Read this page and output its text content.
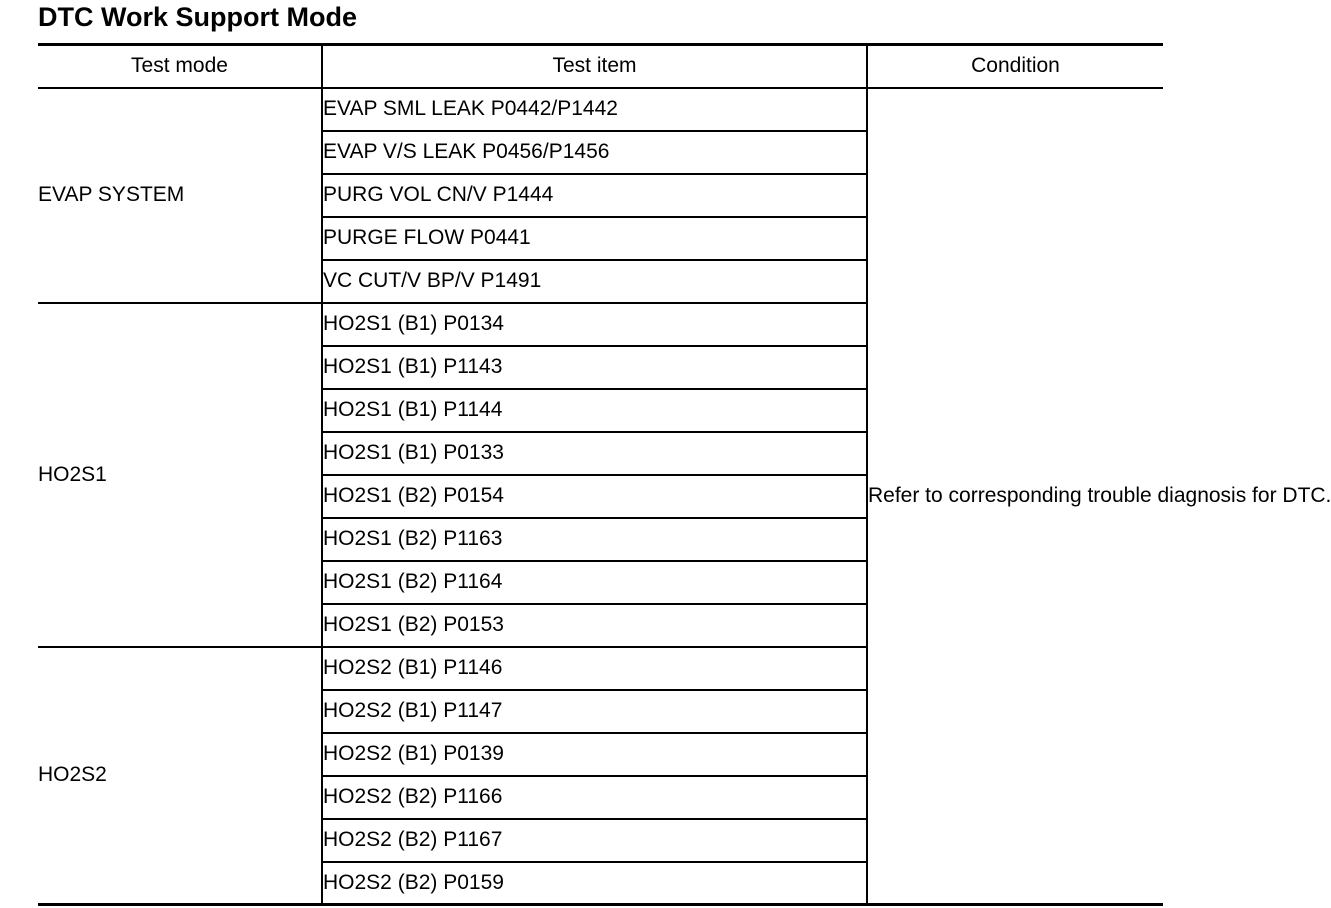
DTC Work Support Mode
Test mode	Test item	Condition
EVAP SYSTEM	EVAP SML LEAK P0442/P1442	Refer to corresponding trouble diagnosis for DTC.
	EVAP V/S LEAK P0456/P1456	
	PURG VOL CN/V P1444	
	PURGE FLOW P0441	
	VC CUT/V BP/V P1491	
HO2S1	HO2S1 (B1) P0134	
	HO2S1 (B1) P1143	
	HO2S1 (B1) P1144	
	HO2S1 (B1) P0133	
	HO2S1 (B2) P0154	
	HO2S1 (B2) P1163	
	HO2S1 (B2) P1164	
	HO2S1 (B2) P0153	
HO2S2	HO2S2 (B1) P1146	
	HO2S2 (B1) P1147	
	HO2S2 (B1) P0139	
	HO2S2 (B2) P1166	
	HO2S2 (B2) P1167	
	HO2S2 (B2) P0159	
